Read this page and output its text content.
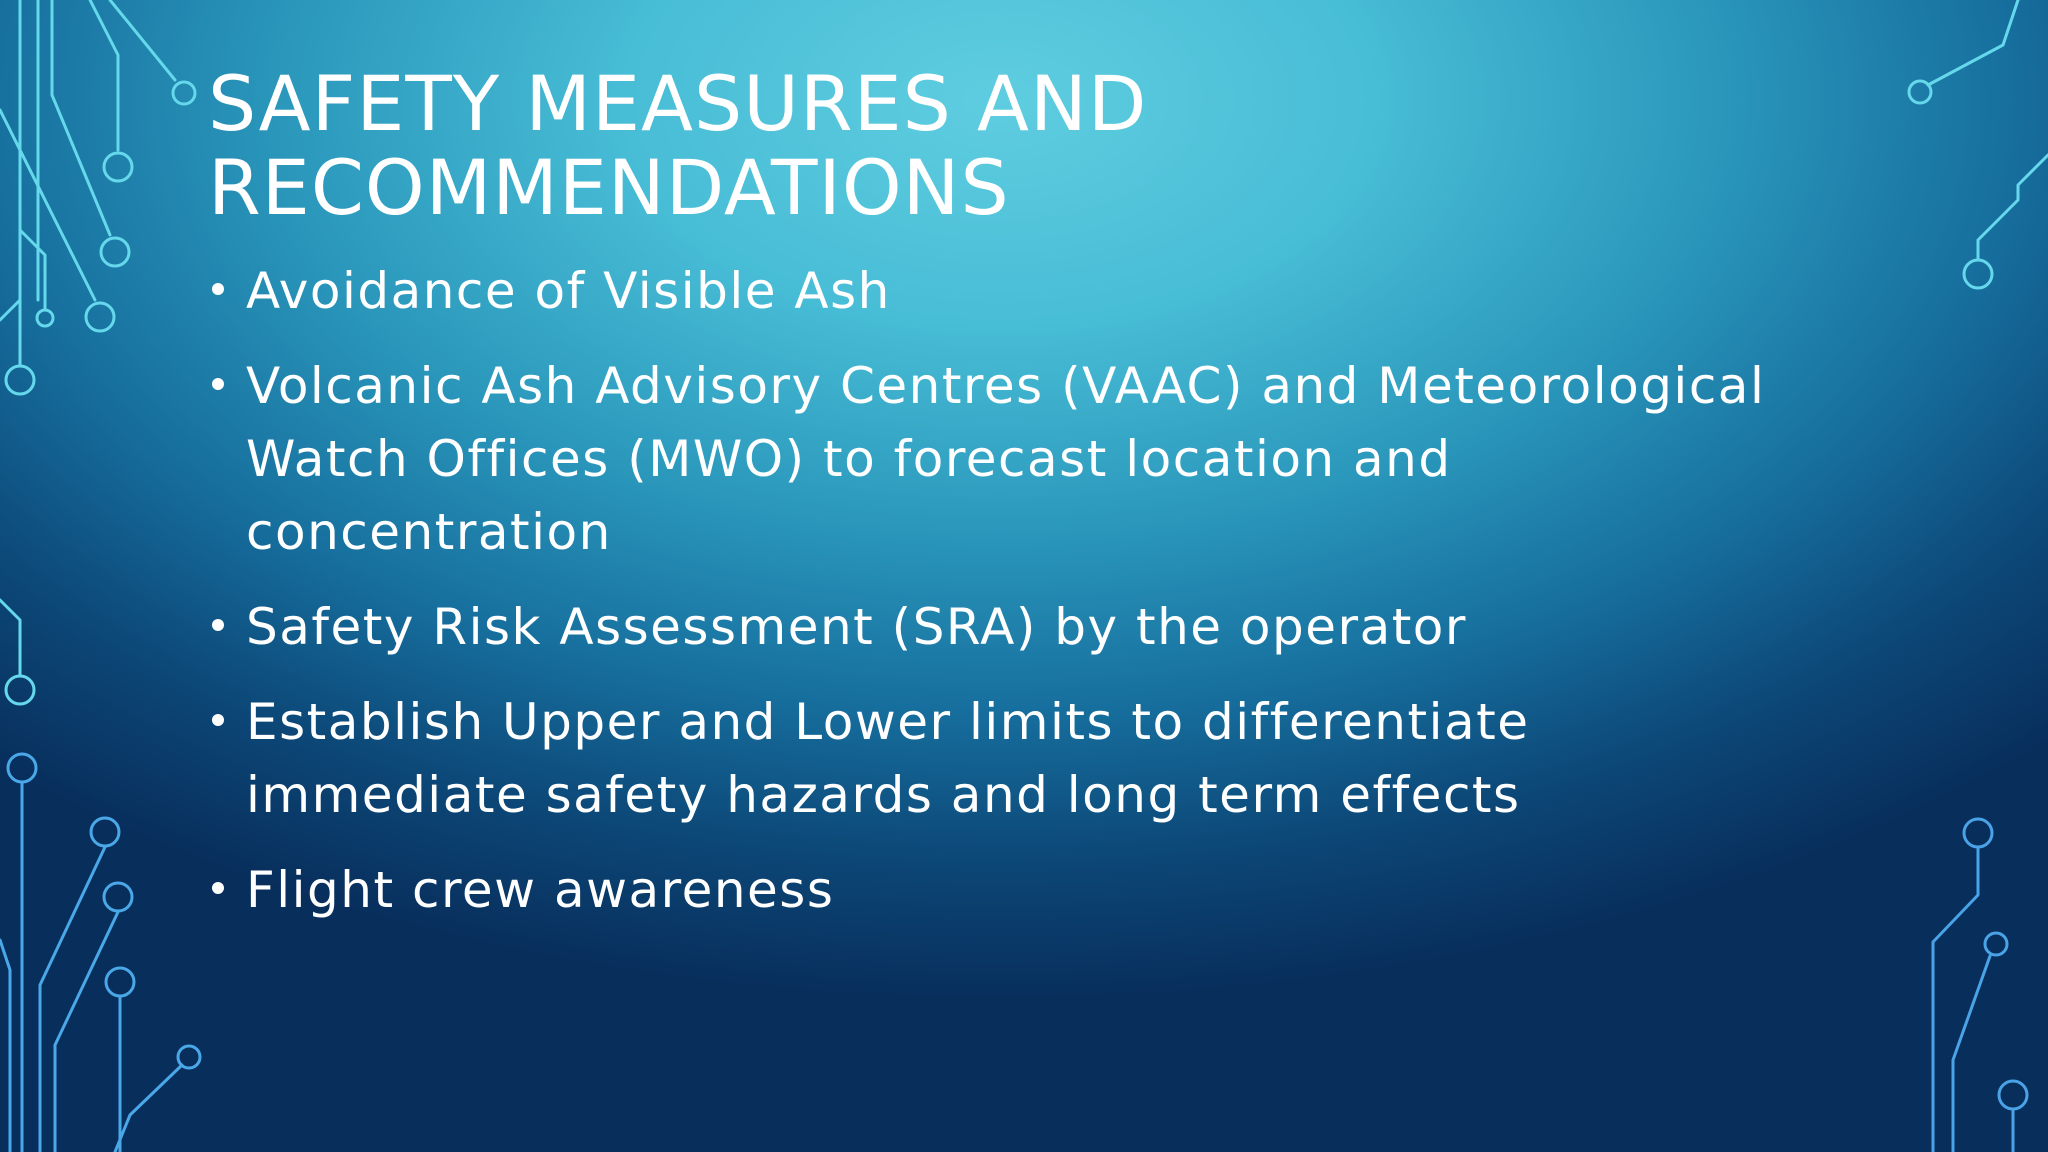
SAFETY MEASURES AND
RECOMMENDATIONS
Avoidance of Visible Ash
Volcanic Ash Advisory Centres (VAAC) and Meteorological Watch Offices (MWO) to forecast location and concentration
Safety Risk Assessment (SRA) by the operator
Establish Upper and Lower limits to differentiate immediate safety hazards and long term effects
Flight crew awareness
